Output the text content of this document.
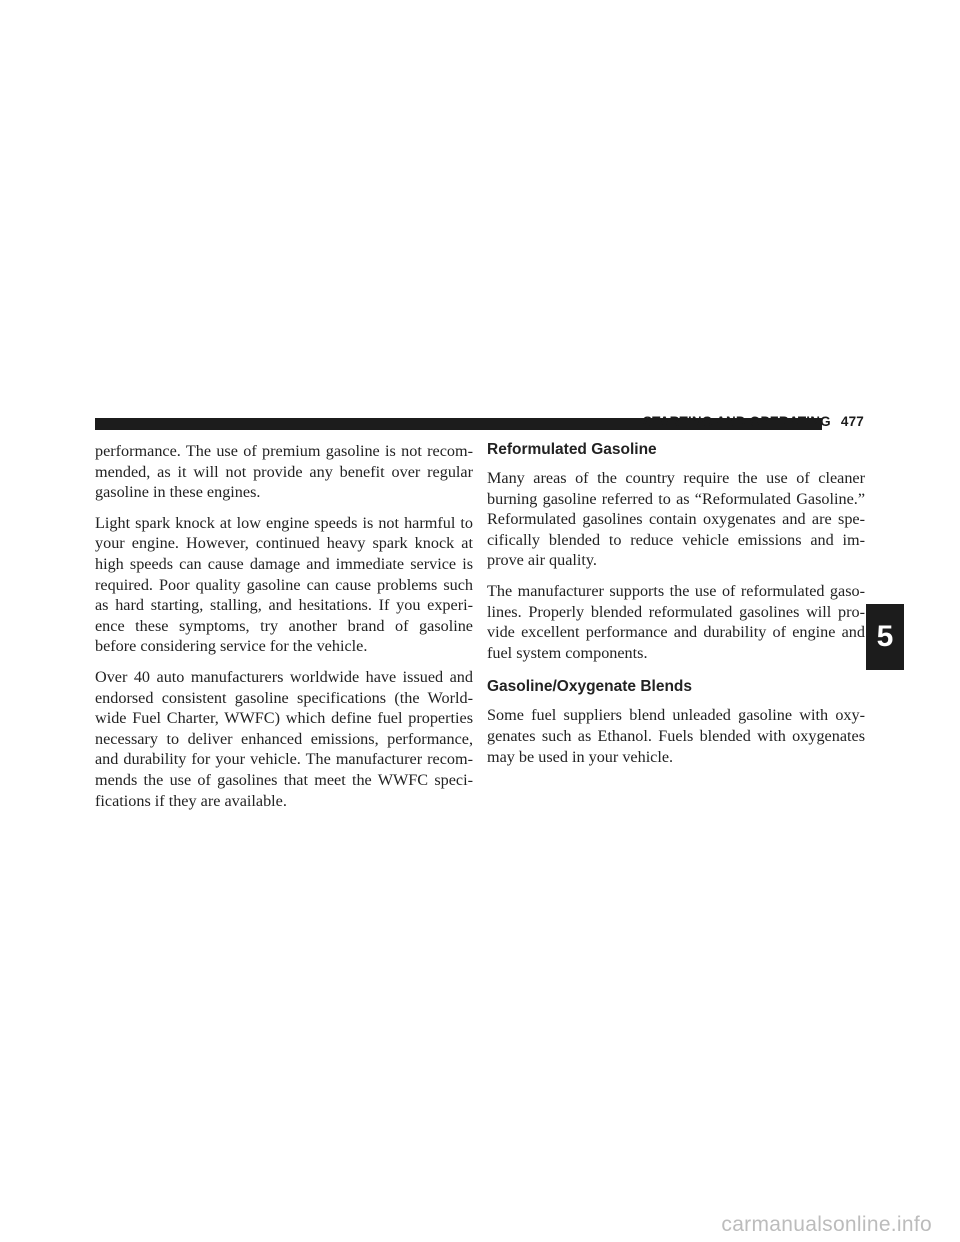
STARTING AND OPERATING 477

performance. The use of premium gasoline is not recom-mended, as it will not provide any benefit over regular gasoline in these engines.

Light spark knock at low engine speeds is not harmful to your engine. However, continued heavy spark knock at high speeds can cause damage and immediate service is required. Poor quality gasoline can cause problems such as hard starting, stalling, and hesitations. If you experi-ence these symptoms, try another brand of gasoline before considering service for the vehicle.

Over 40 auto manufacturers worldwide have issued and endorsed consistent gasoline specifications (the World-wide Fuel Charter, WWFC) which define fuel properties necessary to deliver enhanced emissions, performance, and durability for your vehicle. The manufacturer recom-mends the use of gasolines that meet the WWFC speci-fications if they are available.

Reformulated Gasoline

Many areas of the country require the use of cleaner burning gasoline referred to as “Reformulated Gasoline.” Reformulated gasolines contain oxygenates and are spe-cifically blended to reduce vehicle emissions and im-prove air quality.

The manufacturer supports the use of reformulated gaso-lines. Properly blended reformulated gasolines will pro-vide excellent performance and durability of engine and fuel system components.

Gasoline/Oxygenate Blends

Some fuel suppliers blend unleaded gasoline with oxy-genates such as Ethanol. Fuels blended with oxygenates may be used in your vehicle.

5
carmanualsonline.info
